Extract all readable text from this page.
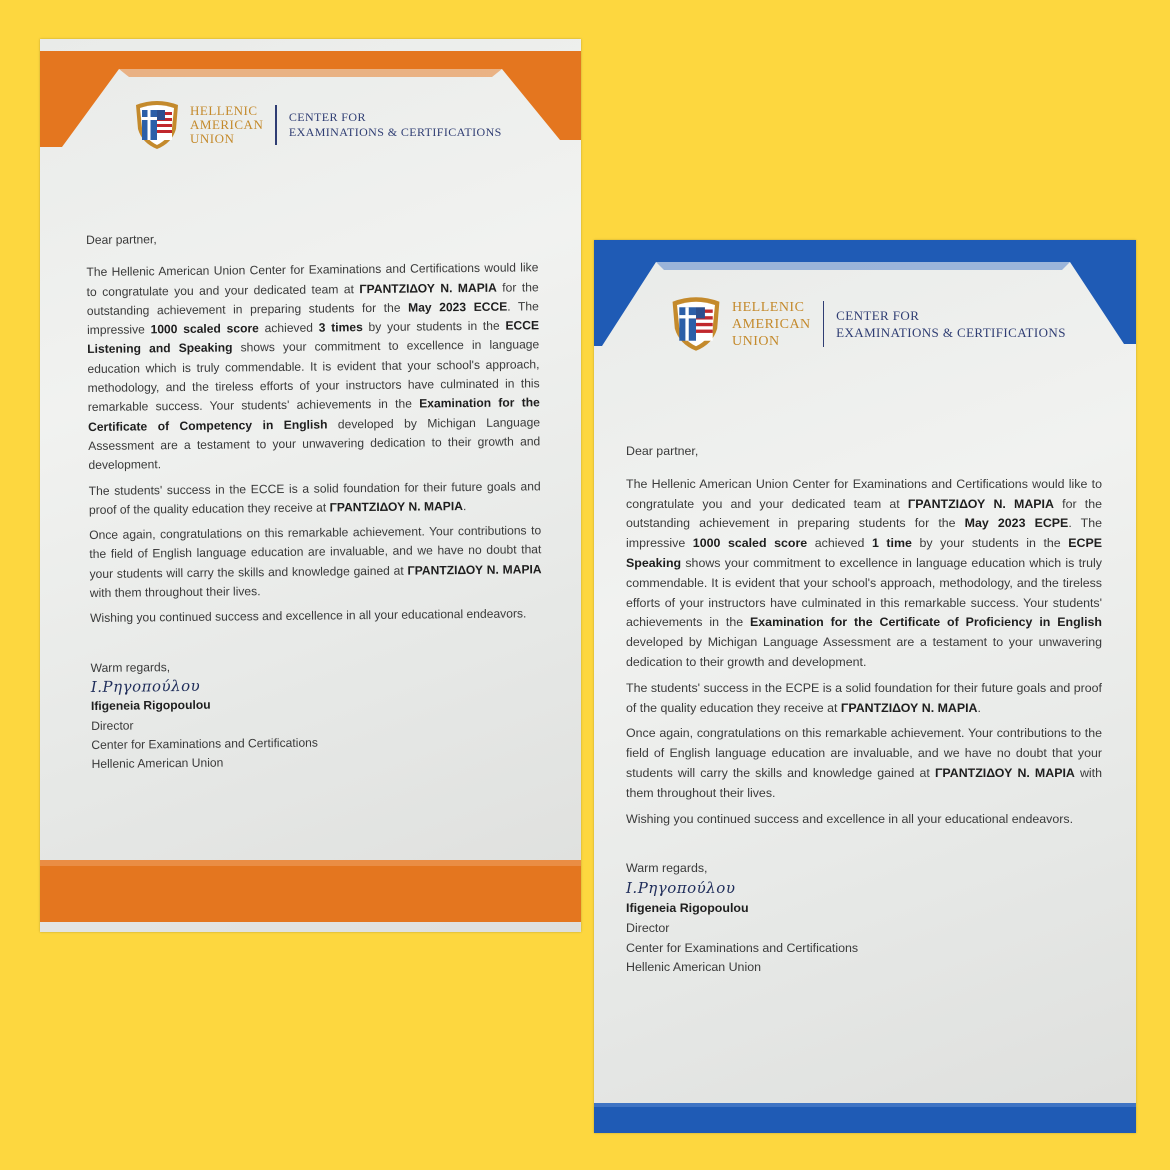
HELLENIC
AMERICAN
UNION
CENTER FOR
EXAMINATIONS & CERTIFICATIONS

Dear partner,

The Hellenic American Union Center for Examinations and Certifications would like to congratulate you and your dedicated team at ΓΡΑΝΤΖΙΔΟΥ Ν. ΜΑΡΙΑ for the outstanding achievement in preparing students for the May 2023 ECCE. The impressive 1000 scaled score achieved 3 times by your students in the ECCE Listening and Speaking shows your commitment to excellence in language education which is truly commendable. It is evident that your school's approach, methodology, and the tireless efforts of your instructors have culminated in this remarkable success. Your students' achievements in the Examination for the Certificate of Competency in English developed by Michigan Language Assessment are a testament to your unwavering dedication to their growth and development.

The students' success in the ECCE is a solid foundation for their future goals and proof of the quality education they receive at ΓΡΑΝΤΖΙΔΟΥ Ν. ΜΑΡΙΑ.

Once again, congratulations on this remarkable achievement. Your contributions to the field of English language education are invaluable, and we have no doubt that your students will carry the skills and knowledge gained at ΓΡΑΝΤΖΙΔΟΥ Ν. ΜΑΡΙΑ with them throughout their lives.

Wishing you continued success and excellence in all your educational endeavors.

Warm regards,
Ι.Ρηγοπούλου
Ifigeneia Rigopoulou
Director
Center for Examinations and Certifications
Hellenic American Union
HELLENIC
AMERICAN
UNION
CENTER FOR
EXAMINATIONS & CERTIFICATIONS

Dear partner,

The Hellenic American Union Center for Examinations and Certifications would like to congratulate you and your dedicated team at ΓΡΑΝΤΖΙΔΟΥ Ν. ΜΑΡΙΑ for the outstanding achievement in preparing students for the May 2023 ECPE. The impressive 1000 scaled score achieved 1 time by your students in the ECPE Speaking shows your commitment to excellence in language education which is truly commendable. It is evident that your school's approach, methodology, and the tireless efforts of your instructors have culminated in this remarkable success. Your students' achievements in the Examination for the Certificate of Proficiency in English developed by Michigan Language Assessment are a testament to your unwavering dedication to their growth and development.

The students' success in the ECPE is a solid foundation for their future goals and proof of the quality education they receive at ΓΡΑΝΤΖΙΔΟΥ Ν. ΜΑΡΙΑ.

Once again, congratulations on this remarkable achievement. Your contributions to the field of English language education are invaluable, and we have no doubt that your students will carry the skills and knowledge gained at ΓΡΑΝΤΖΙΔΟΥ Ν. ΜΑΡΙΑ with them throughout their lives.

Wishing you continued success and excellence in all your educational endeavors.

Warm regards,
Ι.Ρηγοπούλου
Ifigeneia Rigopoulou
Director
Center for Examinations and Certifications
Hellenic American Union
